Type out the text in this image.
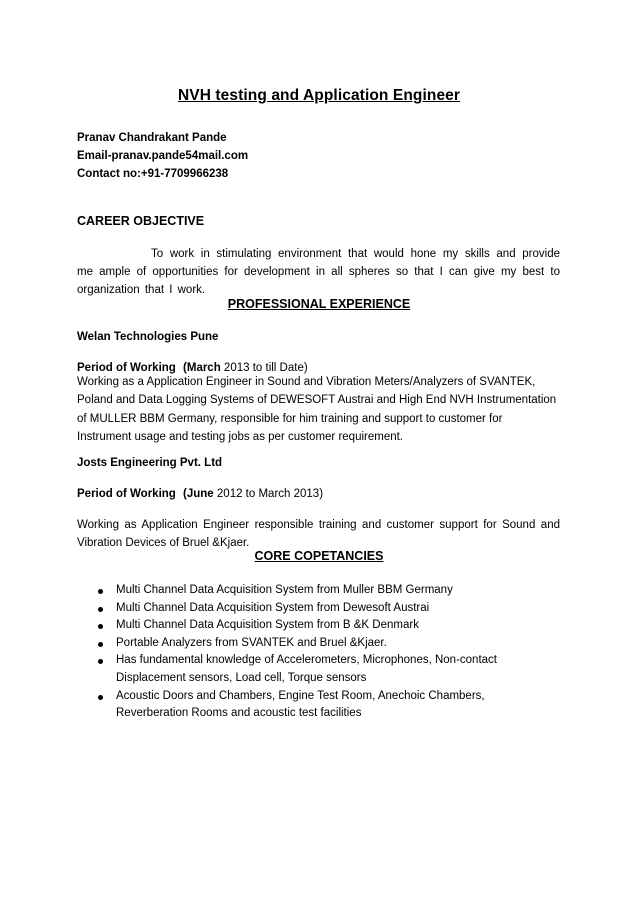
NVH testing and Application Engineer
Pranav Chandrakant Pande
Email-pranav.pande54mail.com
Contact no:+91-7709966238
CAREER OBJECTIVE
To work in stimulating environment that would hone my skills and provide me ample of opportunities for development in all spheres so that I can give my best to organization that I work.
PROFESSIONAL EXPERIENCE
Welan Technologies Pune
Period of Working (March 2013 to till Date)
Working as a Application Engineer in Sound and Vibration Meters/Analyzers of SVANTEK,
Poland and Data Logging Systems of DEWESOFT Austrai and High End NVH Instrumentation
of MULLER BBM Germany, responsible for him training and support to customer for
Instrument usage and testing jobs as per customer requirement.
Josts Engineering Pvt. Ltd
Period of Working (June 2012 to March 2013)
Working as Application Engineer responsible training and customer support for Sound and Vibration Devices of Bruel &Kjaer.
CORE COPETANCIES
Multi Channel Data Acquisition System from Muller BBM Germany
Multi Channel Data Acquisition System from Dewesoft Austrai
Multi Channel Data Acquisition System from B &K Denmark
Portable Analyzers from SVANTEK and Bruel &Kjaer.
Has fundamental knowledge of Accelerometers, Microphones, Non-contact
Displacement sensors, Load cell, Torque sensors
Acoustic Doors and Chambers, Engine Test Room, Anechoic Chambers,
Reverberation Rooms and acoustic test facilities
